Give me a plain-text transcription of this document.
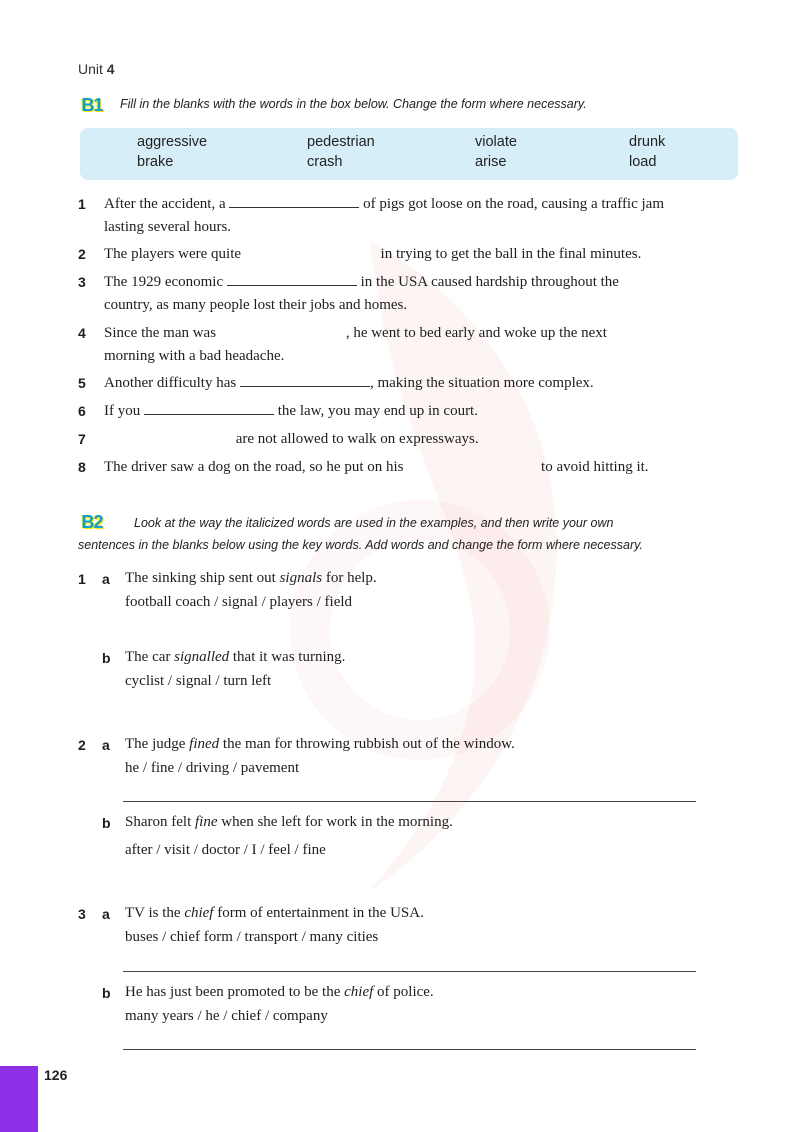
Unit 4
B1	Fill in the blanks with the words in the box below. Change the form where necessary.
aggressive	pedestrian	violate	drunk
brake	crash	arise	load
1 After the accident, a	of pigs got loose on the road, causing a traffic jam
lasting several hours.
2 The players were quite	in trying to get the ball in the final minutes.
3 The 1929 economic	in the USA caused hardship throughout the
country, as many people lost their jobs and homes.
4 Since the man was	, he went to bed early and woke up the next
morning with a bad headache.
5 Another difficulty has	, making the situation more complex.
6 If you	the law, you may end up in court.
7	are not allowed to walk on expressways.
8 The driver saw a dog on the road, so he put on his	to avoid hitting it.
B2	Look at the way the italicized words are used in the examples, and then write your own
sentences in the blanks below using the key words. Add words and change the form where necessary.
1 a The sinking ship sent out signals for help.
football coach / signal / players / field
b The car signalled that it was turning.
cyclist / signal / turn left
2 a The judge fined the man for throwing rubbish out of the window.
he / fine / driving / pavement
b Sharon felt fine when she left for work in the morning.
after / visit / doctor / I / feel / fine
3 a TV is the chief form of entertainment in the USA.
buses / chief form / transport / many cities
b He has just been promoted to be the chief of police.
many years / he / chief / company
126
